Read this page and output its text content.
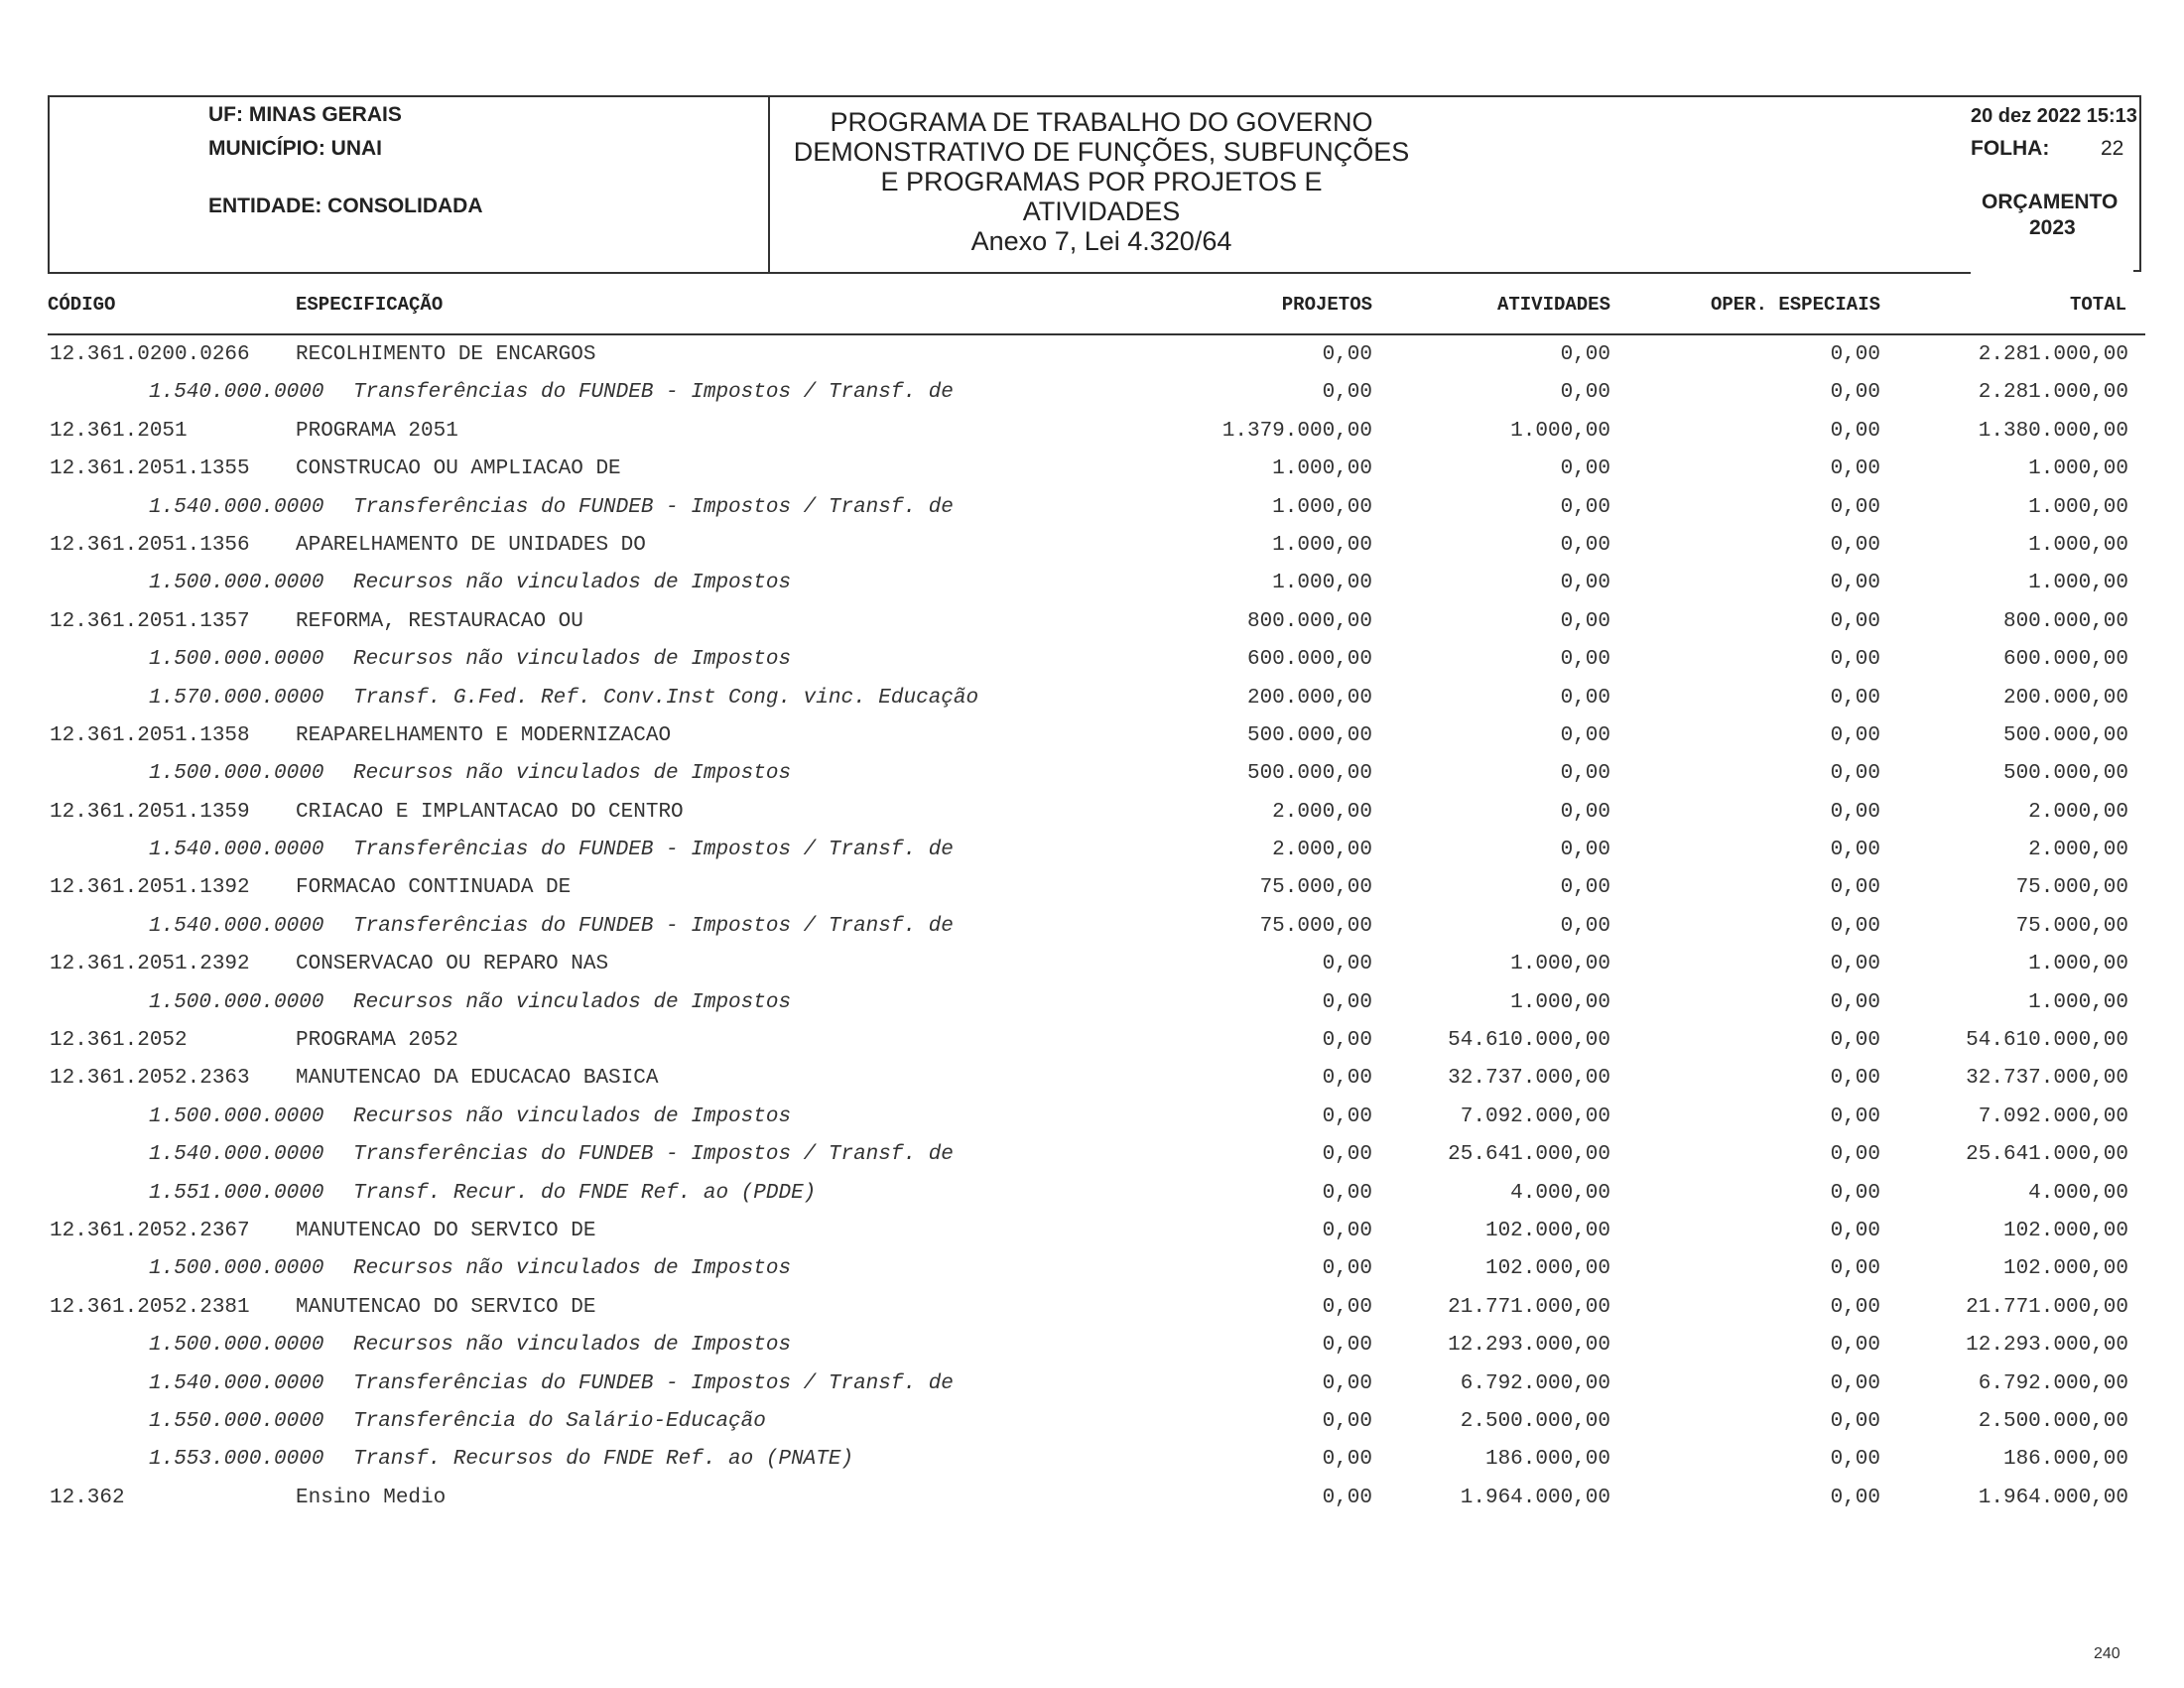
UF: MINAS GERAIS
MUNICÍPIO: UNAI
ENTIDADE: CONSOLIDADA
PROGRAMA DE TRABALHO DO GOVERNO
DEMONSTRATIVO DE FUNÇÕES, SUBFUNÇÕES
E PROGRAMAS POR PROJETOS E
ATIVIDADES
Anexo 7, Lei 4.320/64
20 dez 2022 15:13
FOLHA: 22
ORÇAMENTO
2023
CÓDIGO	ESPECIFICAÇÃO	PROJETOS	ATIVIDADES	OPER. ESPECIAIS	TOTAL
12.361.0200.0266 RECOLHIMENTO DE ENCARGOS	0,00	0,00	0,00	2.281.000,00
1.540.000.0000 Transferências do FUNDEB - Impostos / Transf. de	0,00	0,00	0,00	2.281.000,00
12.361.2051	PROGRAMA 2051	1.379.000,00	1.000,00	0,00	1.380.000,00
12.361.2051.1355 CONSTRUCAO OU AMPLIACAO DE	1.000,00	0,00	0,00	1.000,00
1.540.000.0000 Transferências do FUNDEB - Impostos / Transf. de	1.000,00	0,00	0,00	1.000,00
12.361.2051.1356 APARELHAMENTO DE UNIDADES DO	1.000,00	0,00	0,00	1.000,00
1.500.000.0000 Recursos não vinculados de Impostos	1.000,00	0,00	0,00	1.000,00
12.361.2051.1357 REFORMA, RESTAURACAO OU	800.000,00	0,00	0,00	800.000,00
1.500.000.0000 Recursos não vinculados de Impostos	600.000,00	0,00	0,00	600.000,00
1.570.000.0000 Transf. G.Fed. Ref. Conv.Inst Cong. vinc. Educação	200.000,00	0,00	0,00	200.000,00
12.361.2051.1358 REAPARELHAMENTO E MODERNIZACAO	500.000,00	0,00	0,00	500.000,00
1.500.000.0000 Recursos não vinculados de Impostos	500.000,00	0,00	0,00	500.000,00
12.361.2051.1359 CRIACAO E IMPLANTACAO DO CENTRO	2.000,00	0,00	0,00	2.000,00
1.540.000.0000 Transferências do FUNDEB - Impostos / Transf. de	2.000,00	0,00	0,00	2.000,00
12.361.2051.1392 FORMACAO CONTINUADA DE	75.000,00	0,00	0,00	75.000,00
1.540.000.0000 Transferências do FUNDEB - Impostos / Transf. de	75.000,00	0,00	0,00	75.000,00
12.361.2051.2392 CONSERVACAO OU REPARO NAS	0,00	1.000,00	0,00	1.000,00
1.500.000.0000 Recursos não vinculados de Impostos	0,00	1.000,00	0,00	1.000,00
12.361.2052	PROGRAMA 2052	0,00	54.610.000,00	0,00	54.610.000,00
12.361.2052.2363 MANUTENCAO DA EDUCACAO BASICA	0,00	32.737.000,00	0,00	32.737.000,00
1.500.000.0000 Recursos não vinculados de Impostos	0,00	7.092.000,00	0,00	7.092.000,00
1.540.000.0000 Transferências do FUNDEB - Impostos / Transf. de	0,00	25.641.000,00	0,00	25.641.000,00
1.551.000.0000 Transf. Recur. do FNDE Ref. ao (PDDE)	0,00	4.000,00	0,00	4.000,00
12.361.2052.2367 MANUTENCAO DO SERVICO DE	0,00	102.000,00	0,00	102.000,00
1.500.000.0000 Recursos não vinculados de Impostos	0,00	102.000,00	0,00	102.000,00
12.361.2052.2381 MANUTENCAO DO SERVICO DE	0,00	21.771.000,00	0,00	21.771.000,00
1.500.000.0000 Recursos não vinculados de Impostos	0,00	12.293.000,00	0,00	12.293.000,00
1.540.000.0000 Transferências do FUNDEB - Impostos / Transf. de	0,00	6.792.000,00	0,00	6.792.000,00
1.550.000.0000 Transferência do Salário-Educação	0,00	2.500.000,00	0,00	2.500.000,00
1.553.000.0000 Transf. Recursos do FNDE Ref. ao (PNATE)	0,00	186.000,00	0,00	186.000,00
12.362	Ensino Medio	0,00	1.964.000,00	0,00	1.964.000,00
240
